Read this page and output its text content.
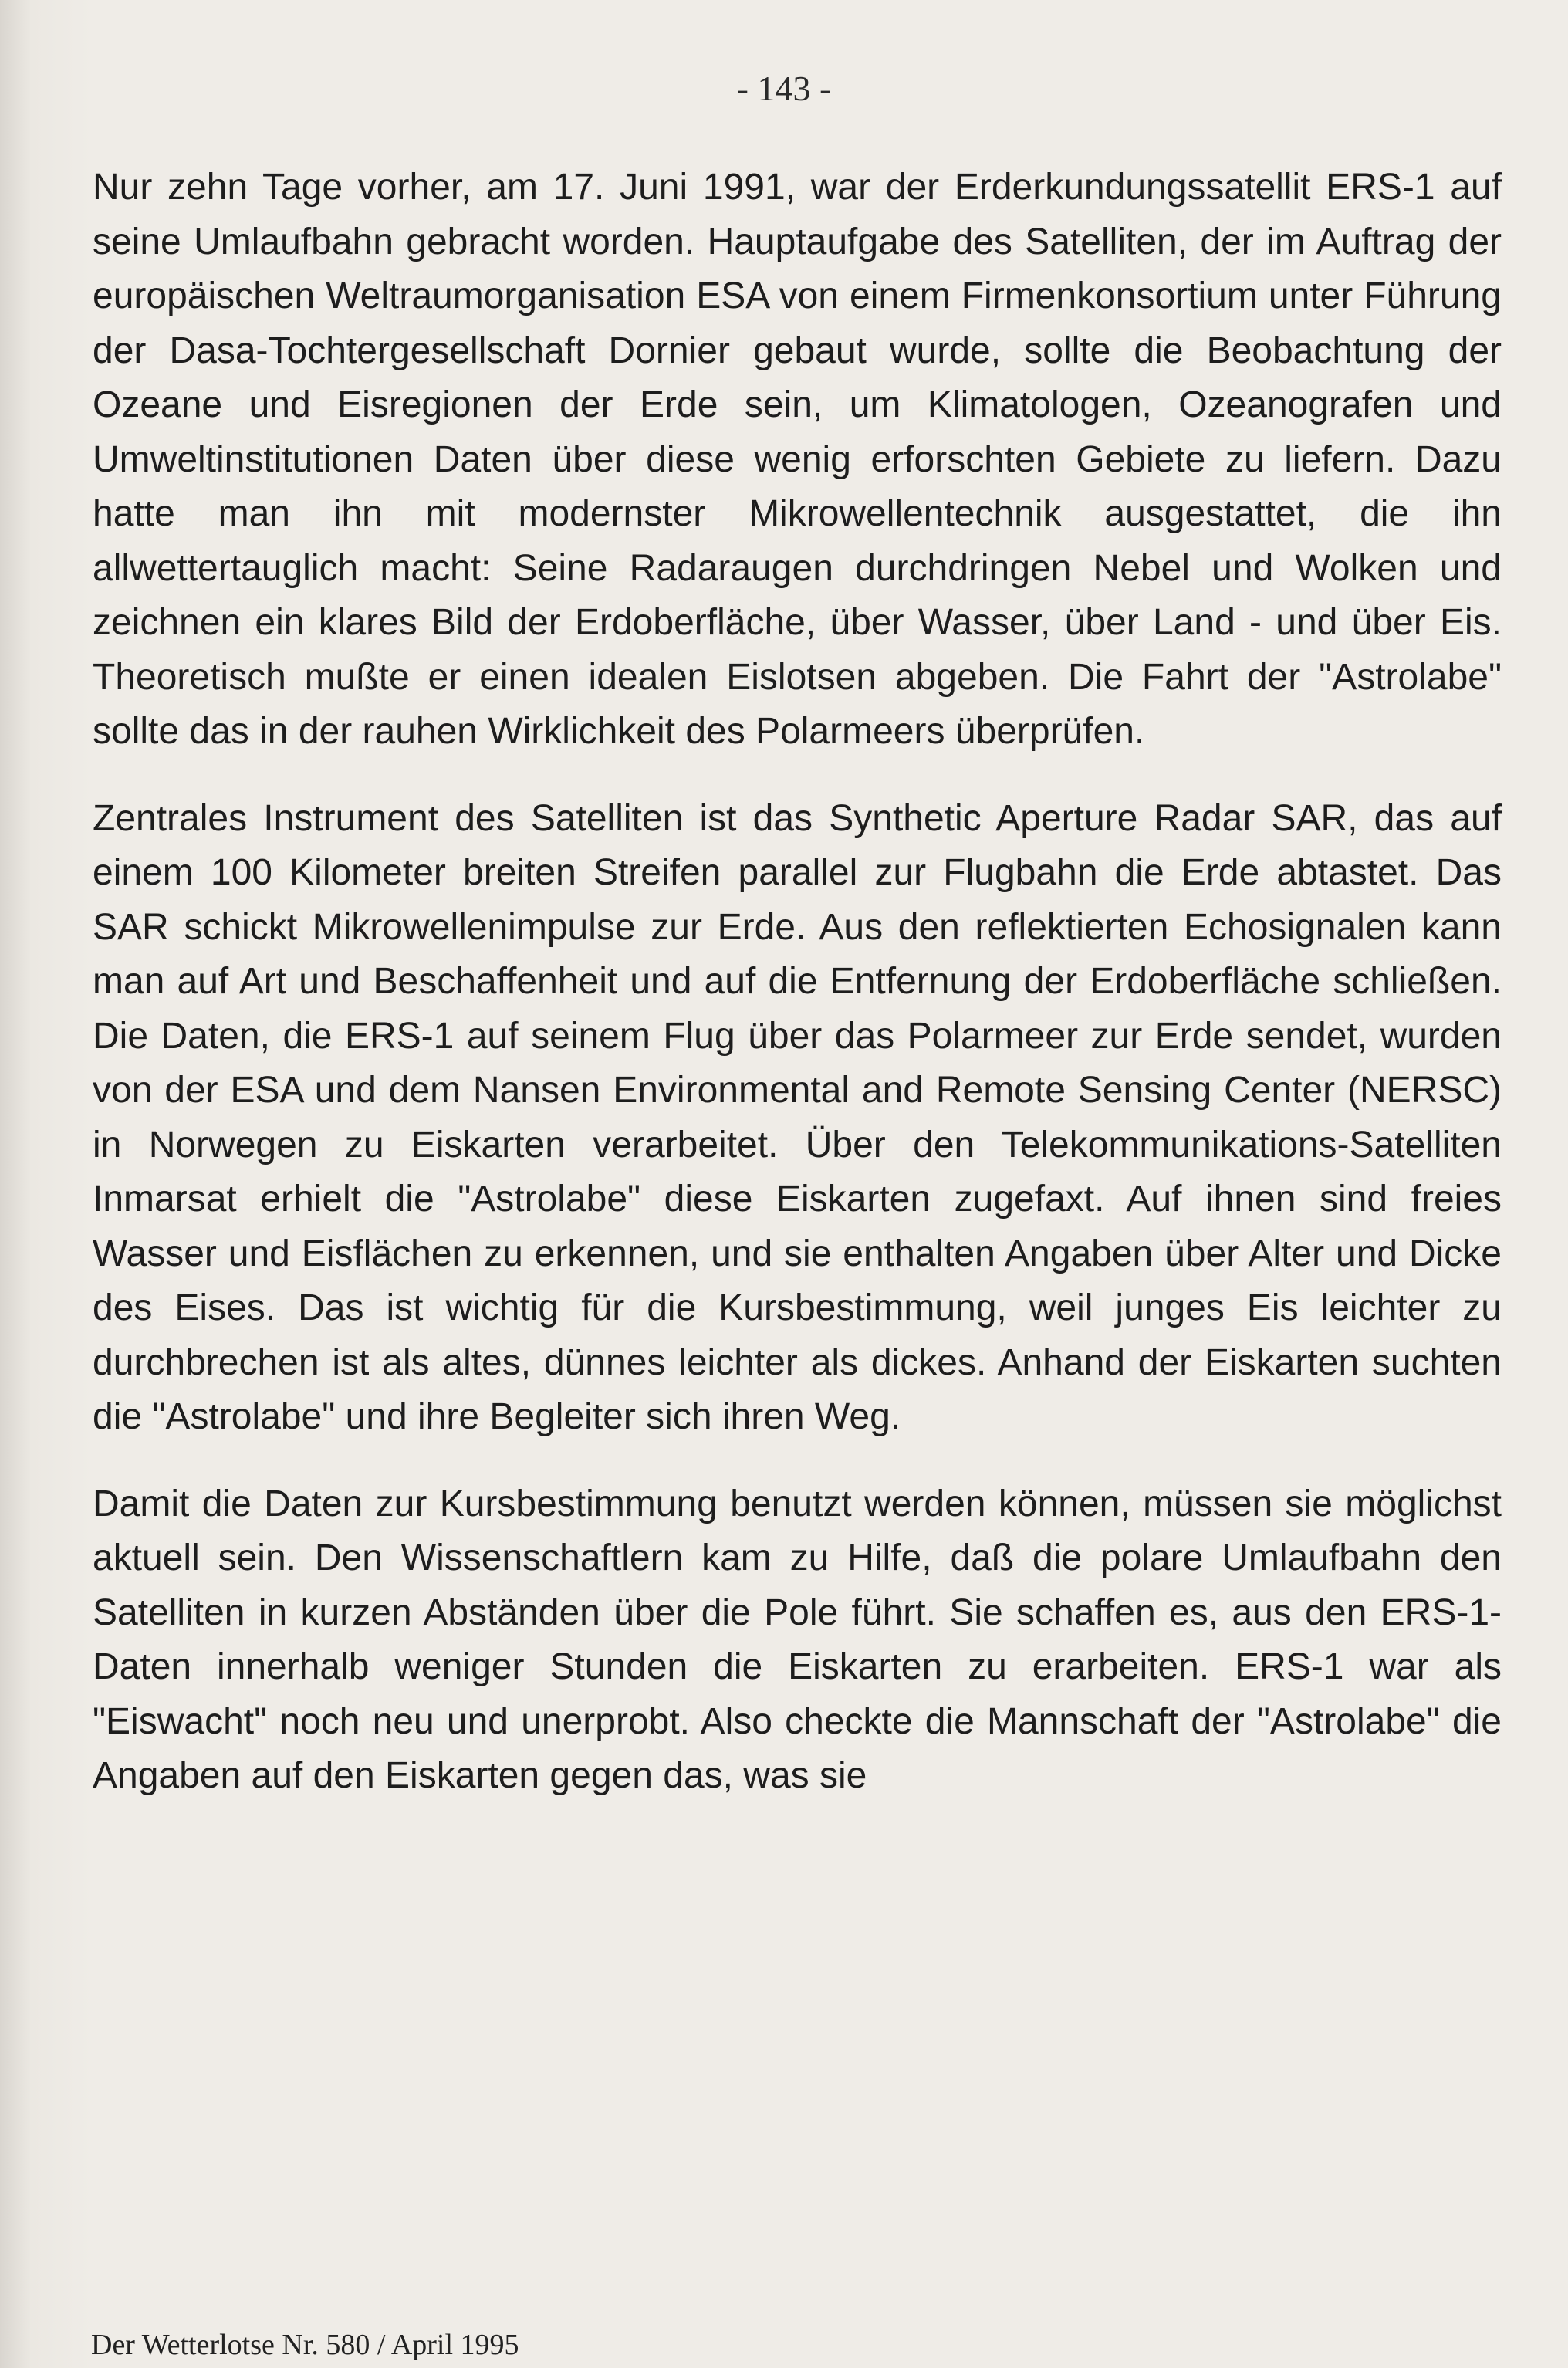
- 143 -

Nur zehn Tage vorher, am 17. Juni 1991, war der Erderkundungssatellit ERS-1 auf seine Umlaufbahn gebracht worden. Hauptaufgabe des Satelliten, der im Auftrag der europäischen Weltraumorganisation ESA von einem Firmenkonsortium unter Führung der Dasa-Tochtergesellschaft Dornier gebaut wurde, sollte die Beobachtung der Ozeane und Eisregionen der Erde sein, um Klimatologen, Ozeanografen und Umweltinstitutionen Daten über diese wenig erforschten Gebiete zu liefern. Dazu hatte man ihn mit modernster Mikrowellentechnik ausgestattet, die ihn allwettertauglich macht: Seine Radaraugen durchdringen Nebel und Wolken und zeichnen ein klares Bild der Erdoberfläche, über Wasser, über Land - und über Eis. Theoretisch mußte er einen idealen Eislotsen abgeben. Die Fahrt der "Astrolabe" sollte das in der rauhen Wirklichkeit des Polarmeers überprüfen.

Zentrales Instrument des Satelliten ist das Synthetic Aperture Radar SAR, das auf einem 100 Kilometer breiten Streifen parallel zur Flugbahn die Erde abtastet. Das SAR schickt Mikrowellenimpulse zur Erde. Aus den reflektierten Echosignalen kann man auf Art und Beschaffenheit und auf die Entfernung der Erdoberfläche schließen. Die Daten, die ERS-1 auf seinem Flug über das Polarmeer zur Erde sendet, wurden von der ESA und dem Nansen Environmental and Remote Sensing Center (NERSC) in Norwegen zu Eiskarten verarbeitet. Über den Telekommunikations-Satelliten Inmarsat erhielt die "Astrolabe" diese Eiskarten zugefaxt. Auf ihnen sind freies Wasser und Eisflächen zu erkennen, und sie enthalten Angaben über Alter und Dicke des Eises. Das ist wichtig für die Kursbestimmung, weil junges Eis leichter zu durchbrechen ist als altes, dünnes leichter als dickes. Anhand der Eiskarten suchten die "Astrolabe" und ihre Begleiter sich ihren Weg.

Damit die Daten zur Kursbestimmung benutzt werden können, müssen sie möglichst aktuell sein. Den Wissenschaftlern kam zu Hilfe, daß die polare Umlaufbahn den Satelliten in kurzen Abständen über die Pole führt. Sie schaffen es, aus den ERS-1-Daten innerhalb weniger Stunden die Eiskarten zu erarbeiten. ERS-1 war als "Eiswacht" noch neu und unerprobt. Also checkte die Mannschaft der "Astrolabe" die Angaben auf den Eiskarten gegen das, was sie

Der Wetterlotse Nr. 580 / April 1995
